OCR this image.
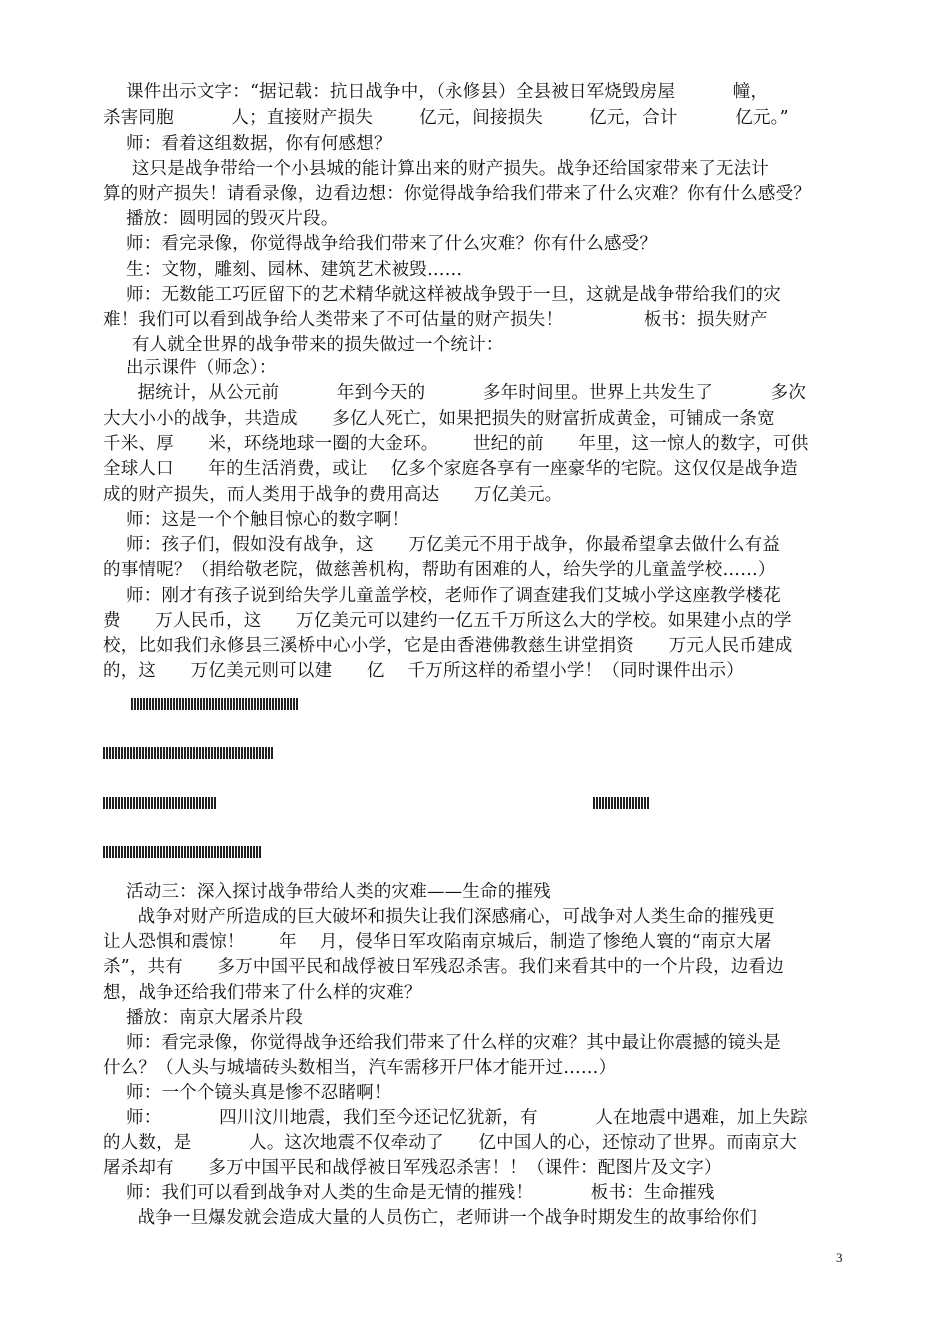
课件出示文字：“据记载：抗日战争中，（永修县）全县被日军烧毁房屋          幢，
杀害同胞          人；直接财产损失        亿元，间接损失        亿元，合计          亿元。”
师：看着这组数据，你有何感想？
这只是战争带给一个小县城的能计算出来的财产损失。战争还给国家带来了无法计
算的财产损失！请看录像，边看边想：你觉得战争给我们带来了什么灾难？你有什么感受？
播放：圆明园的毁灭片段。
师：看完录像，你觉得战争给我们带来了什么灾难？你有什么感受？
生：文物，雕刻、园林、建筑艺术被毁……
师：无数能工巧匠留下的艺术精华就这样被战争毁于一旦，这就是战争带给我们的灾
难！我们可以看到战争给人类带来了不可估量的财产损失！              板书：损失财产
有人就全世界的战争带来的损失做过一个统计：
出示课件（师念）：
据统计，从公元前          年到今天的          多年时间里。世界上共发生了          多次
大大小小的战争，共造成      多亿人死亡，如果把损失的财富折成黄金，可铺成一条宽
千米、厚      米，环绕地球一圈的大金环。      世纪的前      年里，这一惊人的数字，可供
全球人口      年的生活消费，或让    亿多个家庭各享有一座豪华的宅院。这仅仅是战争造
成的财产损失，而人类用于战争的费用高达      万亿美元。
师：这是一个个触目惊心的数字啊！
师：孩子们，假如没有战争，这      万亿美元不用于战争，你最希望拿去做什么有益
的事情呢？（捐给敬老院，做慈善机构，帮助有困难的人，给失学的儿童盖学校……）
师：刚才有孩子说到给失学儿童盖学校，老师作了调查建我们艾城小学这座教学楼花
费      万人民币，这      万亿美元可以建约一亿五千万所这么大的学校。如果建小点的学
校，比如我们永修县三溪桥中心小学，它是由香港佛教慈生讲堂捐资      万元人民币建成
的，这      万亿美元则可以建      亿    千万所这样的希望小学！（同时课件出示）
活动三：深入探讨战争带给人类的灾难——生命的摧残
战争对财产所造成的巨大破坏和损失让我们深感痛心，可战争对人类生命的摧残更
让人恐惧和震惊！      年    月，侵华日军攻陷南京城后，制造了惨绝人寰的“南京大屠
杀”，共有      多万中国平民和战俘被日军残忍杀害。我们来看其中的一个片段，边看边
想，战争还给我们带来了什么样的灾难？
播放：南京大屠杀片段
师：看完录像，你觉得战争还给我们带来了什么样的灾难？其中最让你震撼的镜头是
什么？（人头与城墙砖头数相当，汽车需移开尸体才能开过……）
师：一个个镜头真是惨不忍睹啊！
师：          四川汶川地震，我们至今还记忆犹新，有          人在地震中遇难，加上失踪
的人数，是          人。这次地震不仅牵动了      亿中国人的心，还惊动了世界。而南京大
屠杀却有      多万中国平民和战俘被日军残忍杀害！！（课件：配图片及文字）
师：我们可以看到战争对人类的生命是无情的摧残！          板书：生命摧残
战争一旦爆发就会造成大量的人员伤亡，老师讲一个战争时期发生的故事给你们
3
